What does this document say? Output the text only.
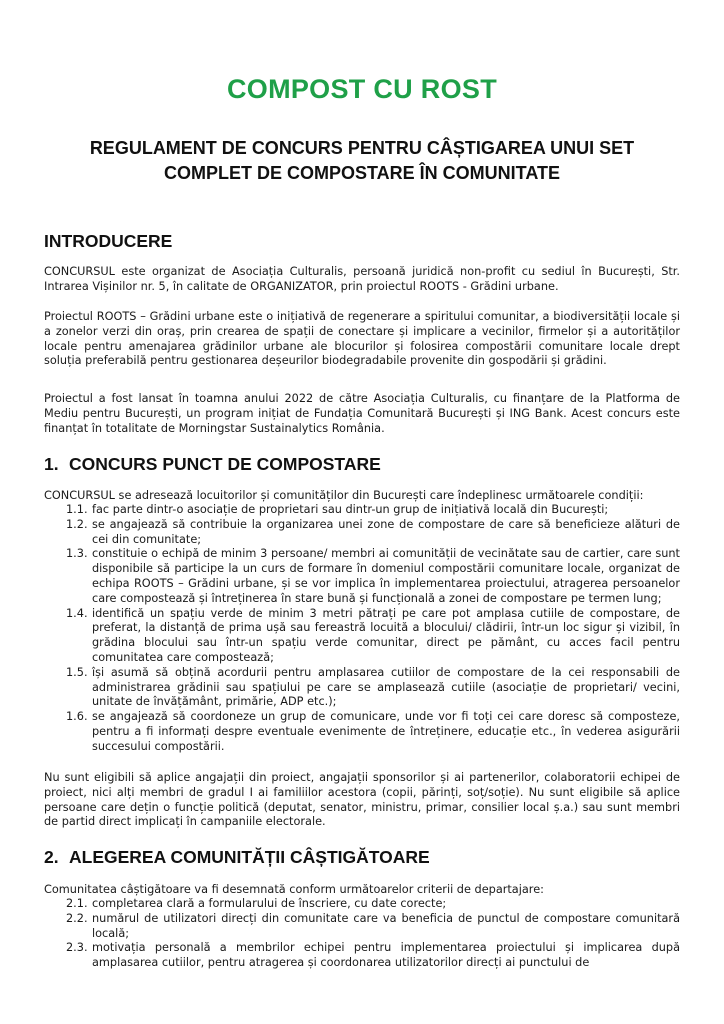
COMPOST CU ROST
REGULAMENT DE CONCURS PENTRU CÂȘTIGAREA UNUI SET COMPLET DE COMPOSTARE ÎN COMUNITATE
INTRODUCERE

CONCURSUL este organizat de Asociația Culturalis, persoană juridică non-profit cu sediul în București, Str. Intrarea Vișinilor nr. 5, în calitate de ORGANIZATOR, prin proiectul ROOTS - Grădini urbane.

Proiectul ROOTS – Grădini urbane este o inițiativă de regenerare a spiritului comunitar, a biodiversității locale și a zonelor verzi din oraș, prin crearea de spații de conectare și implicare a vecinilor, firmelor și a autorităților locale pentru amenajarea grădinilor urbane ale blocurilor și folosirea compostării comunitare locale drept soluția preferabilă pentru gestionarea deșeurilor biodegradabile provenite din gospodării și grădini.

Proiectul a fost lansat în toamna anului 2022 de către Asociația Culturalis, cu finanțare de la Platforma de Mediu pentru București, un program inițiat de Fundația Comunitară București și ING Bank. Acest concurs este finanțat în totalitate de Morningstar Sustainalytics România.

1. CONCURS PUNCT DE COMPOSTARE

CONCURSUL se adresează locuitorilor și comunităților din București care îndeplinesc următoarele condiții:

1.1. fac parte dintr-o asociație de proprietari sau dintr-un grup de inițiativă locală din București;
1.2. se angajează să contribuie la organizarea unei zone de compostare de care să beneficieze alături de cei din comunitate;
1.3. constituie o echipă de minim 3 persoane/ membri ai comunității de vecinătate sau de cartier, care sunt disponibile să participe la un curs de formare în domeniul compostării comunitare locale, organizat de echipa ROOTS – Grădini urbane, și se vor implica în implementarea proiectului, atragerea persoanelor care compostează și întreținerea în stare bună și funcțională a zonei de compostare pe termen lung;
1.4. identifică un spațiu verde de minim 3 metri pătrați pe care pot amplasa cutiile de compostare, de preferat, la distanță de prima ușă sau fereastră locuită a blocului/ clădirii, într-un loc sigur și vizibil, în grădina blocului sau într-un spațiu verde comunitar, direct pe pământ, cu acces facil pentru comunitatea care compostează;
1.5. își asumă să obțină acordurii pentru amplasarea cutiilor de compostare de la cei responsabili de administrarea grădinii sau spațiului pe care se amplasează cutiile (asociație de proprietari/ vecini, unitate de învățământ, primărie, ADP etc.);
1.6. se angajează să coordoneze un grup de comunicare, unde vor fi toți cei care doresc să composteze, pentru a fi informați despre eventuale evenimente de întreținere, educație etc., în vederea asigurării succesului compostării.

Nu sunt eligibili să aplice angajații din proiect, angajații sponsorilor și ai partenerilor, colaboratorii echipei de proiect, nici alți membri de gradul I ai familiilor acestora (copii, părinți, soț/soție). Nu sunt eligibile să aplice persoane care dețin o funcție politică (deputat, senator, ministru, primar, consilier local ș.a.) sau sunt membri de partid direct implicați în campaniile electorale.

2. ALEGEREA COMUNITĂȚII CÂȘTIGĂTOARE

Comunitatea câștigătoare va fi desemnată conform următoarelor criterii de departajare:

2.1. completarea clară a formularului de înscriere, cu date corecte;
2.2. numărul de utilizatori direcți din comunitate care va beneficia de punctul de compostare comunitară locală;
2.3. motivația personală a membrilor echipei pentru implementarea proiectului și implicarea după amplasarea cutiilor, pentru atragerea și coordonarea utilizatorilor direcți ai punctului de
